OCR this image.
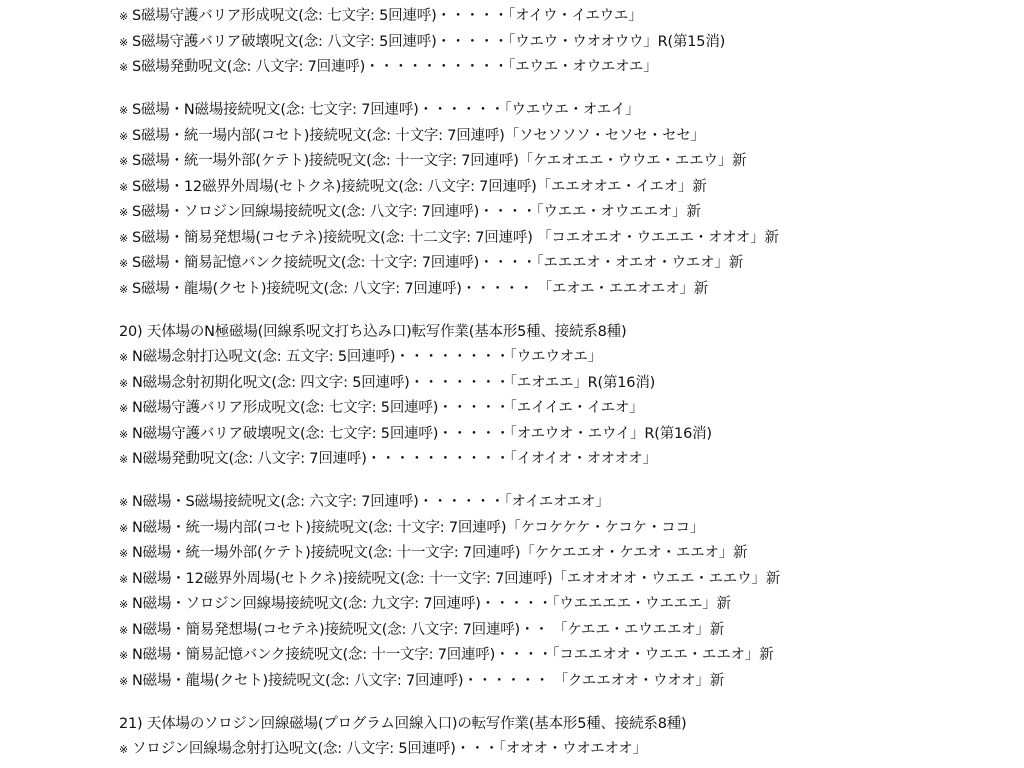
※ S磁場守護バリア形成呪文(念: 七文字: 5回連呼)・・・・・「オイウ・イエウエ」
※ S磁場守護バリア破壊呪文(念: 八文字: 5回連呼)・・・・・「ウエウ・ウオオウウ」R(第15消)
※ S磁場発動呪文(念: 八文字: 7回連呼)・・・・・・・・・・「エウエ・オウエオエ」
※ S磁場・N磁場接続呪文(念: 七文字: 7回連呼)・・・・・・「ウエウエ・オエイ」
※ S磁場・統一場内部(コセト)接続呪文(念: 十文字: 7回連呼)「ソセソソソ・セソセ・セセ」
※ S磁場・統一場外部(ケテト)接続呪文(念: 十一文字: 7回連呼)「ケエオエエ・ウウエ・エエウ」新
※ S磁場・12磁界外周場(セトクネ)接続呪文(念: 八文字: 7回連呼)「エエオオエ・イエオ」新
※ S磁場・ソロジン回線場接続呪文(念: 八文字: 7回連呼)・・・・「ウエエ・オウエエオ」新
※ S磁場・簡易発想場(コセテネ)接続呪文(念: 十二文字: 7回連呼) 「コエオエオ・ウエエエ・オオオ」新
※ S磁場・簡易記憶バンク接続呪文(念: 十文字: 7回連呼)・・・・「エエエオ・オエオ・ウエオ」新
※ S磁場・龍場(クセト)接続呪文(念: 八文字: 7回連呼)・・・・・ 「エオエ・エエオエオ」新
20) 天体場のN極磁場(回線系呪文打ち込み口)転写作業(基本形5種、接続系8種)
※ N磁場念射打込呪文(念: 五文字: 5回連呼)・・・・・・・・「ウエウオエ」
※ N磁場念射初期化呪文(念: 四文字: 5回連呼)・・・・・・・「エオエエ」R(第16消)
※ N磁場守護バリア形成呪文(念: 七文字: 5回連呼)・・・・・「エイイエ・イエオ」
※ N磁場守護バリア破壊呪文(念: 七文字: 5回連呼)・・・・・「オエウオ・エウイ」R(第16消)
※ N磁場発動呪文(念: 八文字: 7回連呼)・・・・・・・・・・「イオイオ・オオオオ」
※ N磁場・S磁場接続呪文(念: 六文字: 7回連呼)・・・・・・「オイエオエオ」
※ N磁場・統一場内部(コセト)接続呪文(念: 十文字: 7回連呼)「ケコケケケ・ケコケ・ココ」
※ N磁場・統一場外部(ケテト)接続呪文(念: 十一文字: 7回連呼)「ケケエエオ・ケエオ・エエオ」新
※ N磁場・12磁界外周場(セトクネ)接続呪文(念: 十一文字: 7回連呼)「エオオオオ・ウエエ・エエウ」新
※ N磁場・ソロジン回線場接続呪文(念: 九文字: 7回連呼)・・・・・「ウエエエエ・ウエエエ」新
※ N磁場・簡易発想場(コセテネ)接続呪文(念: 八文字: 7回連呼)・・ 「ケエエ・エウエエオ」新
※ N磁場・簡易記憶バンク接続呪文(念: 十一文字: 7回連呼)・・・・「コエエオオ・ウエエ・エエオ」新
※ N磁場・龍場(クセト)接続呪文(念: 八文字: 7回連呼)・・・・・・ 「クエエオオ・ウオオ」新
21) 天体場のソロジン回線磁場(プログラム回線入口)の転写作業(基本形5種、接続系8種)
※ ソロジン回線場念射打込呪文(念: 八文字: 5回連呼)・・・「オオオ・ウオエオオ」
